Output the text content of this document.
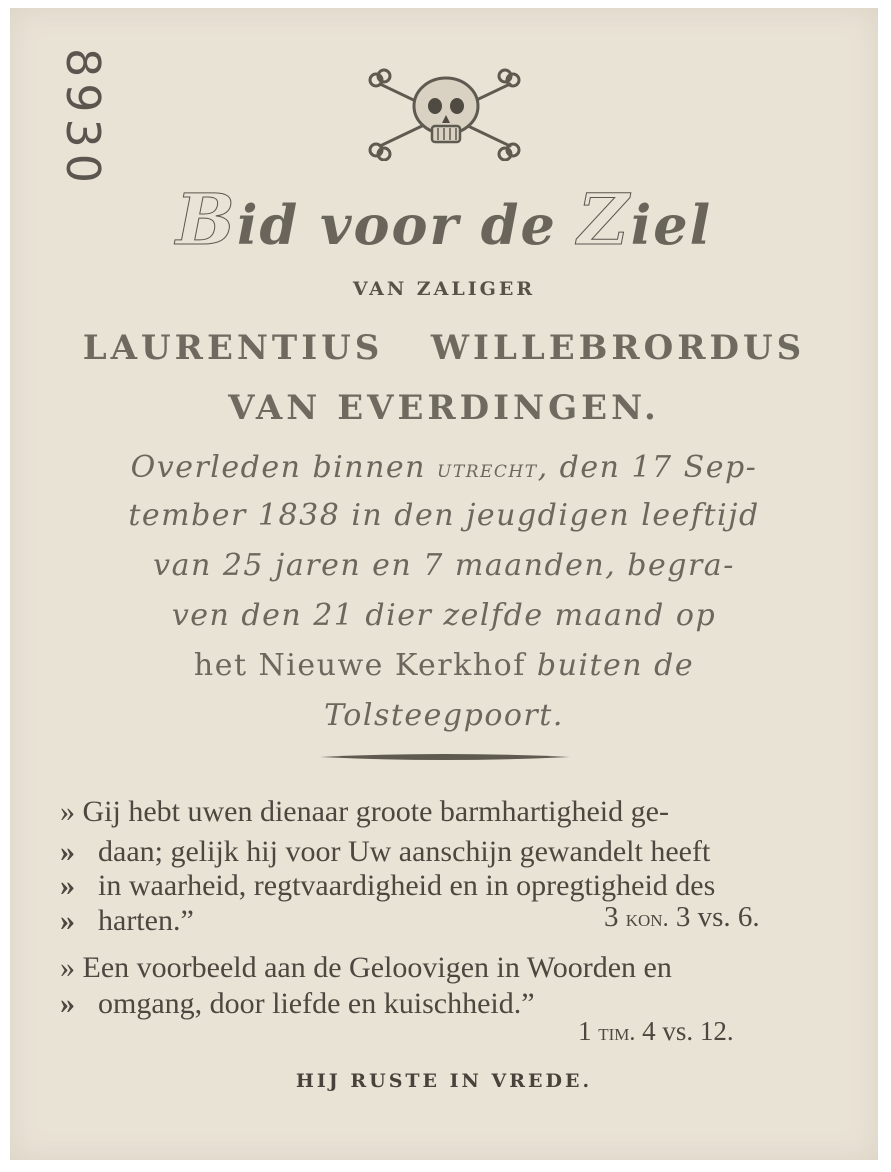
8930
Bid voor de Ziel
VAN ZALIGER
LAURENTIUS   WILLEBRORDUS
VAN EVERDINGEN.
Overleden binnen utrecht, den 17 Sep-
tember 1838 in den jeugdigen leeftijd
van 25 jaren en 7 maanden, begra-
ven den 21 dier zelfde maand op
het Nieuwe Kerkhof buiten de
Tolsteegpoort.
» Gij hebt uwen dienaar groote barmhartigheid ge-
» daan; gelijk hij voor Uw aanschijn gewandelt heeft
» in waarheid, regtvaardigheid en in opregtigheid des
» harten.”	3 kon. 3 vs. 6.
» Een voorbeeld aan de Geloovigen in Woorden en
» omgang, door liefde en kuischheid.”
1 tim. 4 vs. 12.
HIJ RUSTE IN VREDE.
